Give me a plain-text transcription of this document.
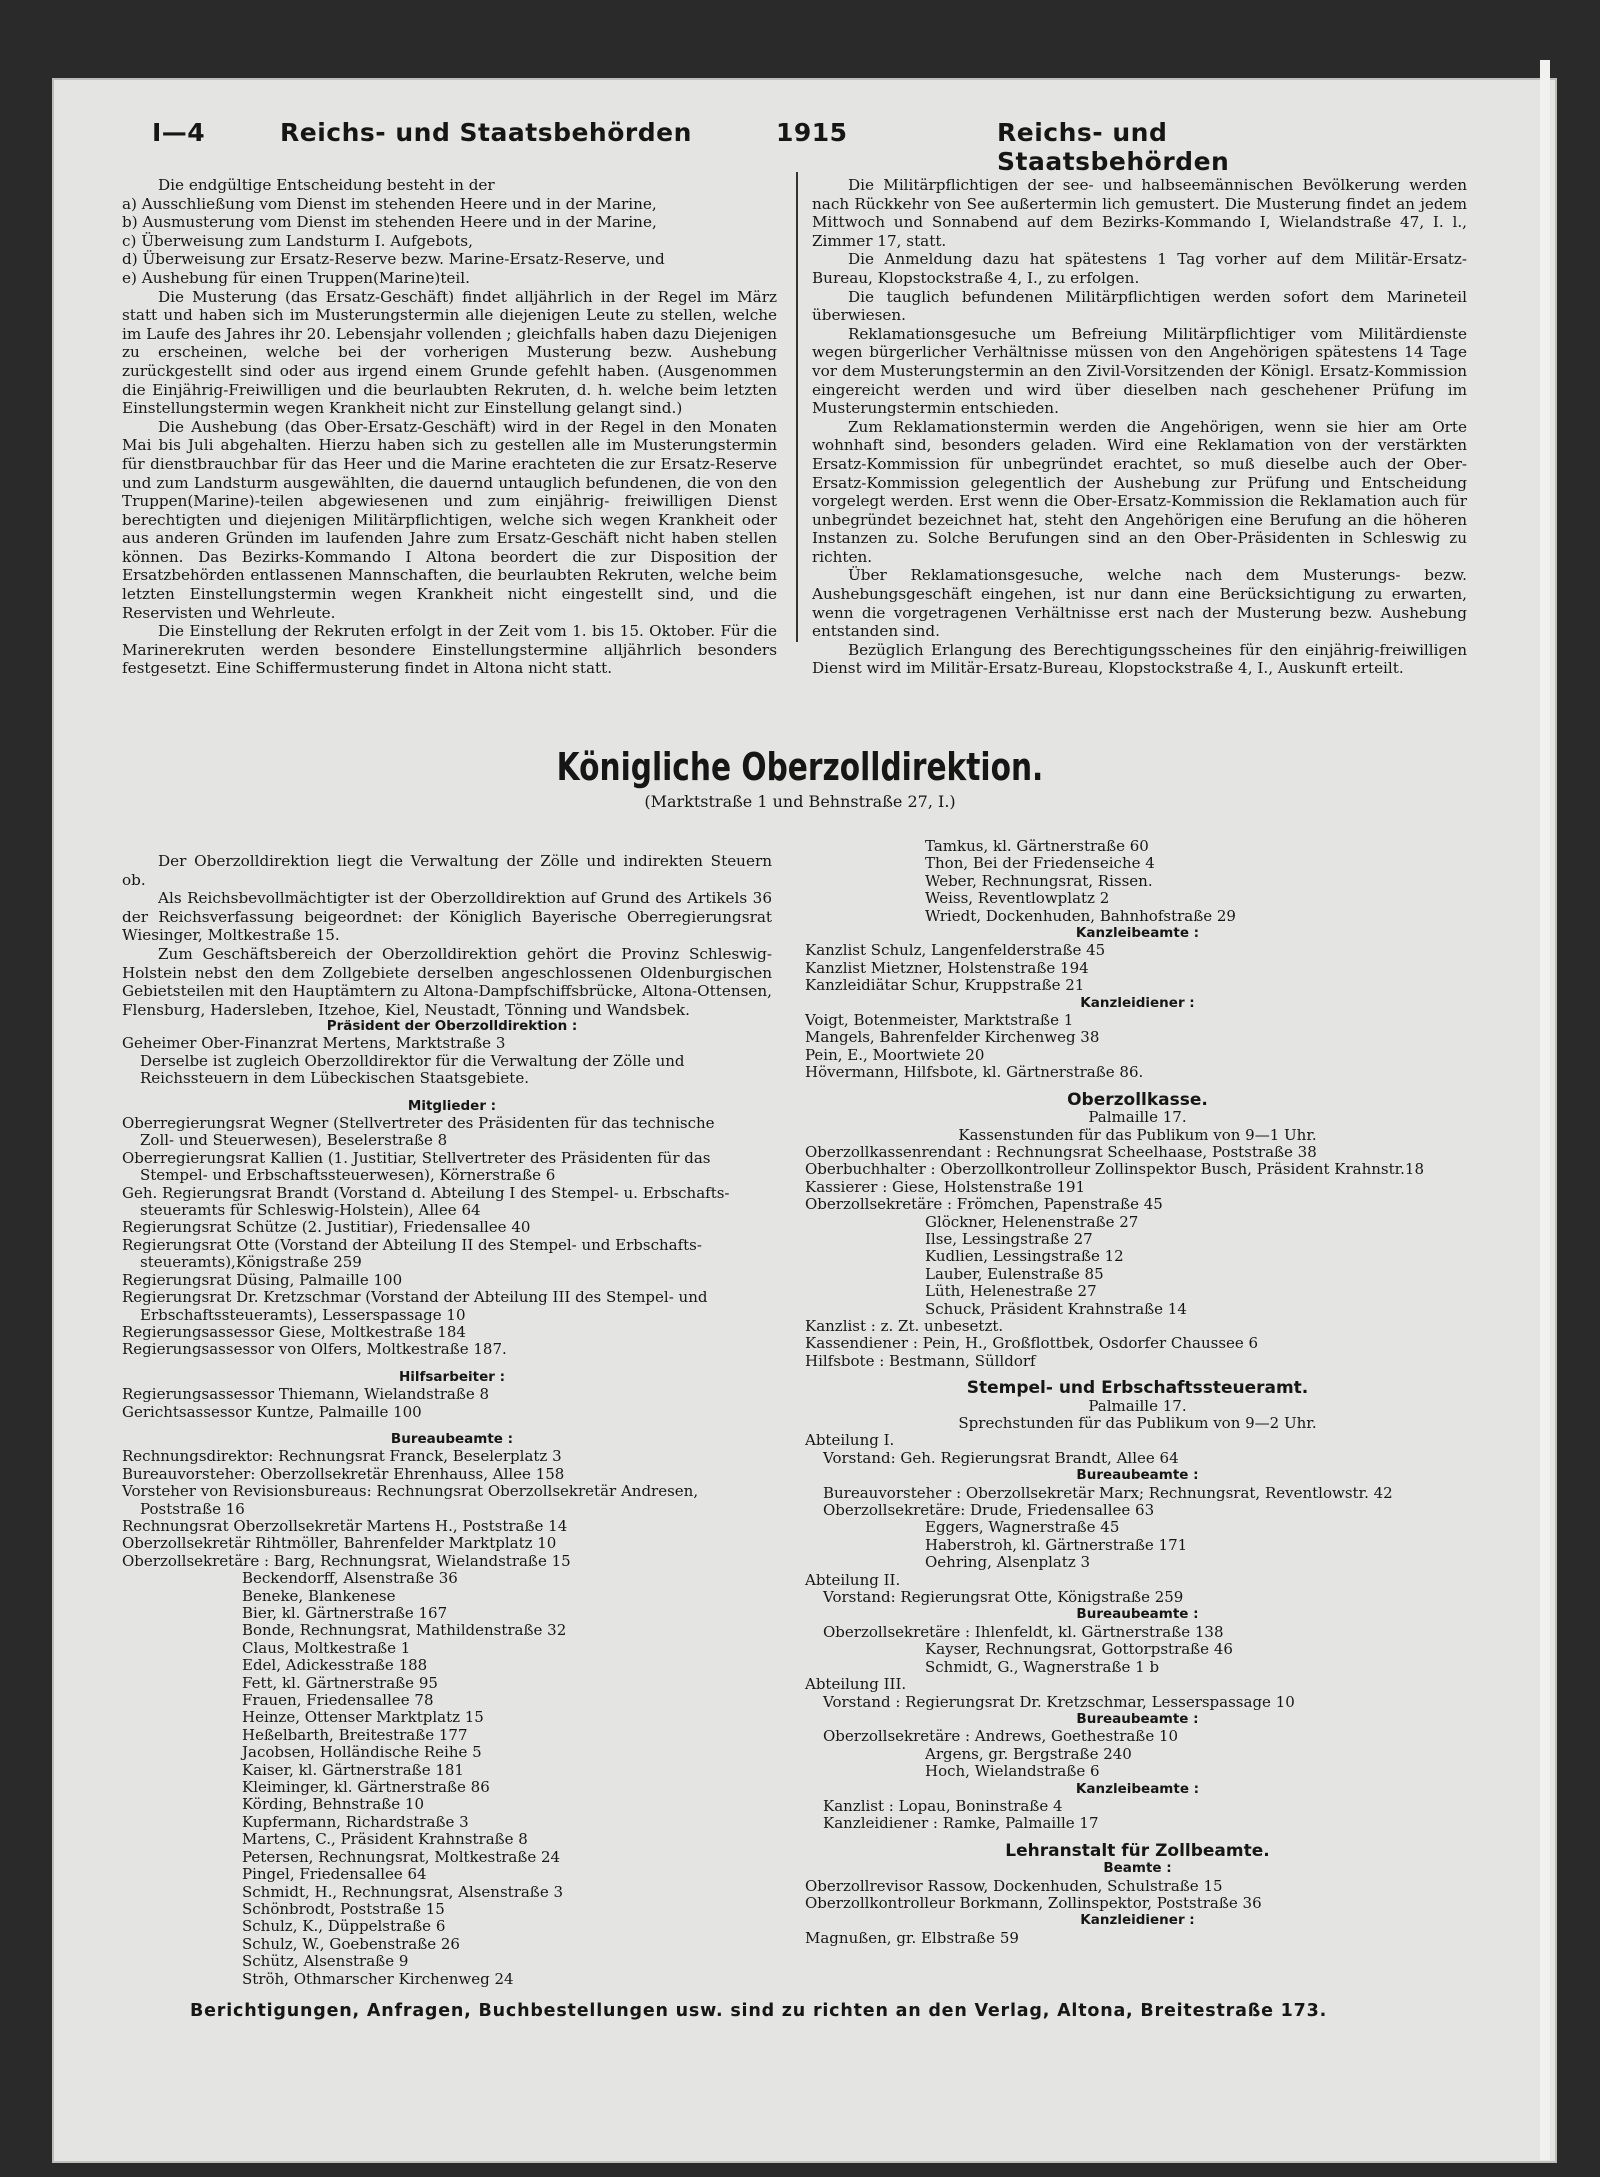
I—4	Reichs- und Staatsbehörden	1915	Reichs- und Staatsbehörden

Die endgültige Entscheidung besteht in der

a) Ausschließung vom Dienst im stehenden Heere und in der Marine,

b) Ausmusterung vom Dienst im stehenden Heere und in der Marine,

c) Überweisung zum Landsturm I. Aufgebots,

d) Überweisung zur Ersatz-Reserve bezw. Marine-Ersatz-Reserve, und

e) Aushebung für einen Truppen(Marine)teil.

Die Musterung (das Ersatz-Geschäft) findet alljährlich in der Regel im März statt und haben sich im Musterungstermin alle diejenigen Leute zu stellen, welche im Laufe des Jahres ihr 20. Lebensjahr vollenden ; gleichfalls haben dazu Diejenigen zu erscheinen, welche bei der vorherigen Musterung bezw. Aushebung zurückgestellt sind oder aus irgend einem Grunde gefehlt haben. (Ausgenommen die Einjährig-Freiwilligen und die beurlaubten Rekruten, d. h. welche beim letzten Einstellungstermin wegen Krankheit nicht zur Einstellung gelangt sind.)

Die Aushebung (das Ober-Ersatz-Geschäft) wird in der Regel in den Monaten Mai bis Juli abgehalten. Hierzu haben sich zu gestellen alle im Musterungstermin für dienstbrauchbar für das Heer und die Marine erachteten die zur Ersatz-Reserve und zum Landsturm ausgewählten, die dauernd untauglich befundenen, die von den Truppen(Marine)-teilen abgewiesenen und zum einjährig- freiwilligen Dienst berechtigten und diejenigen Militärpflichtigen, welche sich wegen Krankheit oder aus anderen Gründen im laufenden Jahre zum Ersatz-Geschäft nicht haben stellen können. Das Bezirks-Kommando I Altona beordert die zur Disposition der Ersatzbehörden entlassenen Mannschaften, die beurlaubten Rekruten, welche beim letzten Einstellungstermin wegen Krankheit nicht eingestellt sind, und die Reservisten und Wehrleute.

Die Einstellung der Rekruten erfolgt in der Zeit vom 1. bis 15. Oktober. Für die Marinerekruten werden besondere Einstellungstermine alljährlich besonders festgesetzt. Eine Schiffermusterung findet in Altona nicht statt.

Die Militärpflichtigen der see- und halbseemännischen Bevölkerung werden nach Rückkehr von See außertermin lich gemustert. Die Musterung findet an jedem Mittwoch und Sonnabend auf dem Bezirks-Kommando I, Wielandstraße 47, I. l., Zimmer 17, statt.

Die Anmeldung dazu hat spätestens 1 Tag vorher auf dem Militär-Ersatz-Bureau, Klopstockstraße 4, I., zu erfolgen.

Die tauglich befundenen Militärpflichtigen werden sofort dem Marineteil überwiesen.

Reklamationsgesuche um Befreiung Militärpflichtiger vom Militärdienste wegen bürgerlicher Verhältnisse müssen von den Angehörigen spätestens 14 Tage vor dem Musterungstermin an den Zivil-Vorsitzenden der Königl. Ersatz-Kommission eingereicht werden und wird über dieselben nach geschehener Prüfung im Musterungstermin entschieden.

Zum Reklamationstermin werden die Angehörigen, wenn sie hier am Orte wohnhaft sind, besonders geladen. Wird eine Reklamation von der verstärkten Ersatz-Kommission für unbegründet erachtet, so muß dieselbe auch der Ober-Ersatz-Kommission gelegentlich der Aushebung zur Prüfung und Entscheidung vorgelegt werden. Erst wenn die Ober-Ersatz-Kommission die Reklamation auch für unbegründet bezeichnet hat, steht den Angehörigen eine Berufung an die höheren Instanzen zu. Solche Berufungen sind an den Ober-Präsidenten in Schleswig zu richten.

Über Reklamationsgesuche, welche nach dem Musterungs- bezw. Aushebungsgeschäft eingehen, ist nur dann eine Berücksichtigung zu erwarten, wenn die vorgetragenen Verhältnisse erst nach der Musterung bezw. Aushebung entstanden sind.

Bezüglich Erlangung des Berechtigungsscheines für den einjährig-freiwilligen Dienst wird im Militär-Ersatz-Bureau, Klopstockstraße 4, I., Auskunft erteilt.

Königliche Oberzolldirektion.
(Marktstraße 1 und Behnstraße 27, I.)

Der Oberzolldirektion liegt die Verwaltung der Zölle und indirekten Steuern ob.

Als Reichsbevollmächtigter ist der Oberzolldirektion auf Grund des Artikels 36 der Reichsverfassung beigeordnet: der Königlich Bayerische Oberregierungsrat Wiesinger, Moltkestraße 15.

Zum Geschäftsbereich der Oberzolldirektion gehört die Provinz Schleswig-Holstein nebst den dem Zollgebiete derselben angeschlossenen Oldenburgischen Gebietsteilen mit den Hauptämtern zu Altona-Dampfschiffsbrücke, Altona-Ottensen, Flensburg, Hadersleben, Itzehoe, Kiel, Neustadt, Tönning und Wandsbek.

Präsident der Oberzolldirektion :
Geheimer Ober-Finanzrat Mertens, Marktstraße 3
Derselbe ist zugleich Oberzolldirektor für die Verwaltung der Zölle und
Reichssteuern in dem Lübeckischen Staatsgebiete.
Mitglieder :
Oberregierungsrat Wegner (Stellvertreter des Präsidenten für das technische
Zoll- und Steuerwesen), Beselerstraße 8
Oberregierungsrat Kallien (1. Justitiar, Stellvertreter des Präsidenten für das
Stempel- und Erbschaftssteuerwesen), Körnerstraße 6
Geh. Regierungsrat Brandt (Vorstand d. Abteilung I des Stempel- u. Erbschafts-
steueramts für Schleswig-Holstein), Allee 64
Regierungsrat Schütze (2. Justitiar), Friedensallee 40
Regierungsrat Otte (Vorstand der Abteilung II des Stempel- und Erbschafts-
steueramts),Königstraße 259
Regierungsrat Düsing, Palmaille 100
Regierungsrat Dr. Kretzschmar (Vorstand der Abteilung III des Stempel- und
Erbschaftssteueramts), Lesserspassage 10
Regierungsassessor Giese, Moltkestraße 184
Regierungsassessor von Olfers, Moltkestraße 187.
Hilfsarbeiter :
Regierungsassessor Thiemann, Wielandstraße 8
Gerichtsassessor Kuntze, Palmaille 100
Bureaubeamte :
Rechnungsdirektor: Rechnungsrat Franck, Beselerplatz 3
Bureauvorsteher: Oberzollsekretär Ehrenhauss, Allee 158
Vorsteher von Revisionsbureaus: Rechnungsrat Oberzollsekretär Andresen,
Poststraße 16
Rechnungsrat Oberzollsekretär Martens H., Poststraße 14
Oberzollsekretär Rihtmöller, Bahrenfelder Marktplatz 10
Oberzollsekretäre : Barg, Rechnungsrat, Wielandstraße 15
Beckendorff, Alsenstraße 36
Beneke, Blankenese
Bier, kl. Gärtnerstraße 167
Bonde, Rechnungsrat, Mathildenstraße 32
Claus, Moltkestraße 1
Edel, Adickesstraße 188
Fett, kl. Gärtnerstraße 95
Frauen, Friedensallee 78
Heinze, Ottenser Marktplatz 15
Heßelbarth, Breitestraße 177
Jacobsen, Holländische Reihe 5
Kaiser, kl. Gärtnerstraße 181
Kleiminger, kl. Gärtnerstraße 86
Körding, Behnstraße 10
Kupfermann, Richardstraße 3
Martens, C., Präsident Krahnstraße 8
Petersen, Rechnungsrat, Moltkestraße 24
Pingel, Friedensallee 64
Schmidt, H., Rechnungsrat, Alsenstraße 3
Schönbrodt, Poststraße 15
Schulz, K., Düppelstraße 6
Schulz, W., Goebenstraße 26
Schütz, Alsenstraße 9
Ströh, Othmarscher Kirchenweg 24
Tamkus, kl. Gärtnerstraße 60
Thon, Bei der Friedenseiche 4
Weber, Rechnungsrat, Rissen.
Weiss, Reventlowplatz 2
Wriedt, Dockenhuden, Bahnhofstraße 29
Kanzleibeamte :
Kanzlist Schulz, Langenfelderstraße 45
Kanzlist Mietzner, Holstenstraße 194
Kanzleidiätar Schur, Kruppstraße 21
Kanzleidiener :
Voigt, Botenmeister, Marktstraße 1
Mangels, Bahrenfelder Kirchenweg 38
Pein, E., Moortwiete 20
Hövermann, Hilfsbote, kl. Gärtnerstraße 86.
Oberzollkasse.
Palmaille 17.
Kassenstunden für das Publikum von 9—1 Uhr.
Oberzollkassenrendant : Rechnungsrat Scheelhaase, Poststraße 38
Oberbuchhalter : Oberzollkontrolleur Zollinspektor Busch, Präsident Krahnstr.18
Kassierer : Giese, Holstenstraße 191
Oberzollsekretäre : Frömchen, Papenstraße 45
Glöckner, Helenenstraße 27
Ilse, Lessingstraße 27
Kudlien, Lessingstraße 12
Lauber, Eulenstraße 85
Lüth, Helenestraße 27
Schuck, Präsident Krahnstraße 14
Kanzlist : z. Zt. unbesetzt.
Kassendiener : Pein, H., Großflottbek, Osdorfer Chaussee 6
Hilfsbote : Bestmann, Sülldorf
Stempel- und Erbschaftssteueramt.
Palmaille 17.
Sprechstunden für das Publikum von 9—2 Uhr.
Abteilung I.
Vorstand: Geh. Regierungsrat Brandt, Allee 64
Bureaubeamte :
Bureauvorsteher : Oberzollsekretär Marx; Rechnungsrat, Reventlowstr. 42
Oberzollsekretäre: Drude, Friedensallee 63
Eggers, Wagnerstraße 45
Haberstroh, kl. Gärtnerstraße 171
Oehring, Alsenplatz 3
Abteilung II.
Vorstand: Regierungsrat Otte, Königstraße 259
Bureaubeamte :
Oberzollsekretäre : Ihlenfeldt, kl. Gärtnerstraße 138
Kayser, Rechnungsrat, Gottorpstraße 46
Schmidt, G., Wagnerstraße 1 b
Abteilung III.
Vorstand : Regierungsrat Dr. Kretzschmar, Lesserspassage 10
Bureaubeamte :
Oberzollsekretäre : Andrews, Goethestraße 10
Argens, gr. Bergstraße 240
Hoch, Wielandstraße 6
Kanzleibeamte :
Kanzlist : Lopau, Boninstraße 4
Kanzleidiener : Ramke, Palmaille 17
Lehranstalt für Zollbeamte.
Beamte :
Oberzollrevisor Rassow, Dockenhuden, Schulstraße 15
Oberzollkontrolleur Borkmann, Zollinspektor, Poststraße 36
Kanzleidiener :
Magnußen, gr. Elbstraße 59
Berichtigungen, Anfragen, Buchbestellungen usw. sind zu richten an den Verlag, Altona, Breitestraße 173.
